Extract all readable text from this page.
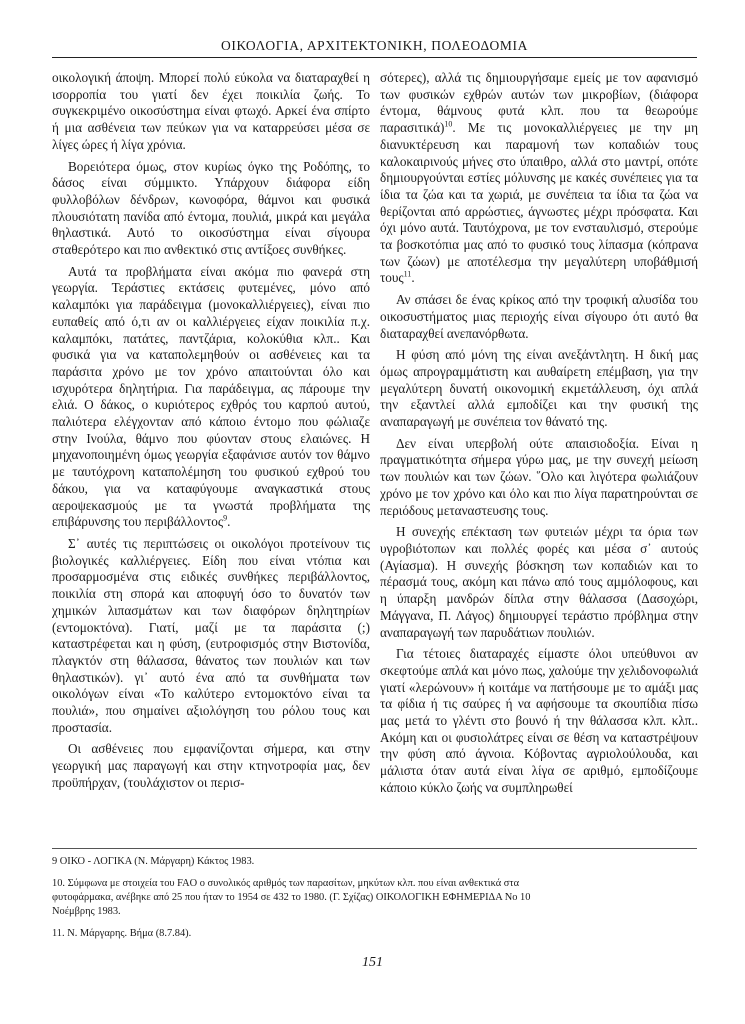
ΟΙΚΟΛΟΓΙΑ, ΑΡΧΙΤΕΚΤΟΝΙΚΗ, ΠΟΛΕΟΔΟΜΙΑ

οικολογική άποψη. Μπορεί πολύ εύκολα να διαταραχθεί η ισορροπία του γιατί δεν έχει ποικιλία ζωής. Το συγκεκριμένο οικοσύστημα είναι φτωχό. Αρκεί ένα σπίρτο ή μια ασθένεια των πεύκων για να καταρρεύσει μέσα σε λίγες ώρες ή λίγα χρόνια.

Βορειότερα όμως, στον κυρίως όγκο της Ροδόπης, το δάσος είναι σύμμικτο. Υπάρχουν διάφορα είδη φυλλοβόλων δένδρων, κωνοφόρα, θάμνοι και φυσικά πλουσιότατη πανίδα από έντομα, πουλιά, μικρά και μεγάλα θηλαστικά. Αυτό το οικοσύστημα είναι σίγουρα σταθερότερο και πιο ανθεκτικό στις αντίξοες συνθήκες.

Αυτά τα προβλήματα είναι ακόμα πιο φανερά στη γεωργία. Τεράστιες εκτάσεις φυτεμένες, μόνο από καλαμπόκι για παράδειγμα (μονοκαλλιέργειες), είναι πιο ευπαθείς από ό,τι αν οι καλλιέργειες είχαν ποικιλία π.χ. καλαμπόκι, πατάτες, παντζάρια, κολοκύθια κλπ.. Και φυσικά για να καταπολεμηθούν οι ασθένειες και τα παράσιτα χρόνο με τον χρόνο απαιτούνται όλο και ισχυρότερα δηλητήρια. Για παράδειγμα, ας πάρουμε την ελιά. Ο δάκος, ο κυριότερος εχθρός του καρπού αυτού, παλιότερα ελέγχονταν από κάποιο έντομο που φώλιαζε στην Ινούλα, θάμνο που φύονταν στους ελαιώνες. Η μηχανοποιημένη όμως γεωργία εξαφάνισε αυτόν τον θάμνο με ταυτόχρονη καταπολέμηση του φυσικού εχθρού του δάκου, για να καταφύγουμε αναγκαστικά στους αεροψεκασμούς με τα γνωστά προβλήματα της επιβάρυνσης του περιβάλλοντος$^9$.

Σ᾽ αυτές τις περιπτώσεις οι οικολόγοι προτείνουν τις βιολογικές καλλιέργειες. Είδη που είναι ντόπια και προσαρμοσμένα στις ειδικές συνθήκες περιβάλλοντος, ποικιλία στη σπορά και αποφυγή όσο το δυνατόν των χημικών λιπασμάτων και των διαφόρων δηλητηρίων (εντομοκτόνα). Γιατί, μαζί με τα παράσιτα (;) καταστρέφεται και η φύση, (ευτροφισμός στην Βιστονίδα, πλαγκτόν στη θάλασσα, θάνατος των πουλιών και των θηλαστικών). γι᾽ αυτό ένα από τα συνθήματα των οικολόγων είναι «Το καλύτερο εντομοκτόνο είναι τα πουλιά», που σημαίνει αξιολόγηση του ρόλου τους και προστασία.

Οι ασθένειες που εμφανίζονται σήμερα, και στην γεωργική μας παραγωγή και στην κτηνοτροφία μας, δεν προϋπήρχαν, (τουλάχιστον οι περισ-

σότερες), αλλά τις δημιουργήσαμε εμείς με τον αφανισμό των φυσικών εχθρών αυτών των μικροβίων, (διάφορα έντομα, θάμνους φυτά κλπ. που τα θεωρούμε παρασιτικά)$^{10}$. Με τις μονοκαλλιέργειες με την μη διανυκτέρευση και παραμονή των κοπαδιών τους καλοκαιρινούς μήνες στο ύπαιθρο, αλλά στο μαντρί, οπότε δημιουργούνται εστίες μόλυνσης με κακές συνέπειες για τα ίδια τα ζώα και τα χωριά, με συνέπεια τα ίδια τα ζώα να θερίζονται από αρρώστιες, άγνωστες μέχρι πρόσφατα. Και όχι μόνο αυτά. Ταυτόχρονα, με τον ενσταυλισμό, στερούμε τα βοσκοτόπια μας από το φυσικό τους λίπασμα (κόπρανα των ζώων) με αποτέλεσμα την μεγαλύτερη υποβάθμισή τους$^{11}$.

Αν σπάσει δε ένας κρίκος από την τροφική αλυσίδα του οικοσυστήματος μιας περιοχής είναι σίγουρο ότι αυτό θα διαταραχθεί ανεπανόρθωτα.

Η φύση από μόνη της είναι ανεξάντλητη. Η δική μας όμως απρογραμμάτιστη και αυθαίρετη επέμβαση, για την μεγαλύτερη δυνατή οικονομική εκμετάλλευση, όχι απλά την εξαντλεί αλλά εμποδίζει και την φυσική της αναπαραγωγή με συνέπεια τον θάνατό της.

Δεν είναι υπερβολή ούτε απαισιοδοξία. Είναι η πραγματικότητα σήμερα γύρω μας, με την συνεχή μείωση των πουλιών και των ζώων. ῞Ολο και λιγότερα φωλιάζουν χρόνο με τον χρόνο και όλο και πιο λίγα παρατηρούνται σε περιόδους μεταναστευσης τους.

Η συνεχής επέκταση των φυτειών μέχρι τα όρια των υγροβιότοπων και πολλές φορές και μέσα σ᾽ αυτούς (Αγίασμα). Η συνεχής βόσκηση των κοπαδιών και το πέρασμά τους, ακόμη και πάνω από τους αμμόλοφους, και η ύπαρξη μανδρών δίπλα στην θάλασσα (Δασοχώρι, Μάγγανα, Π. Λάγος) δημιουργεί τεράστιο πρόβλημα στην αναπαραγωγή των παρυδάτιων πουλιών.

Για τέτοιες διαταραχές είμαστε όλοι υπεύθυνοι αν σκεφτούμε απλά και μόνο πως, χαλούμε την χελιδονοφωλιά γιατί «λερώνουν» ή κοιτάμε να πατήσουμε με το αμάξι μας τα φίδια ή τις σαύρες ή να αφήσουμε τα σκουπίδια πίσω μας μετά το γλέντι στο βουνό ή την θάλασσα κλπ. κλπ.. Ακόμη και οι φυσιολάτρες είναι σε θέση να καταστρέψουν την φύση από άγνοια. Κόβοντας αγριολούλουδα, και μάλιστα όταν αυτά είναι λίγα σε αριθμό, εμποδίζουμε κάποιο κύκλο ζωής να συμπληρωθεί

9 ΟΙΚΟ - ΛΟΓΙΚΑ (Ν. Μάργαρη) Κάκτος 1983.
10. Σύμφωνα με στοιχεία του FAO ο συνολικός αριθμός των παρασίτων, μηκύτων κλπ. που είναι ανθεκτικά στα φυτοφάρμακα, ανέβηκε από 25 που ήταν το 1954 σε 432 το 1980. (Γ. Σχίζας) ΟΙΚΟΛΟΓΙΚΗ ΕΦΗΜΕΡΙΔΑ Νο 10 Νοέμβρης 1983.
11. Ν. Μάργαρης. Βήμα (8.7.84).
151
